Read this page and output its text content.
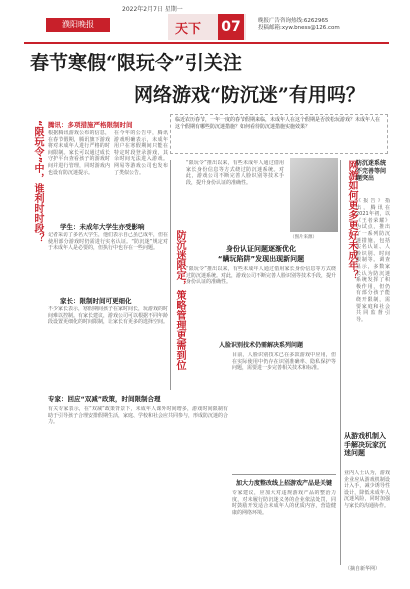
濮阳晚报
2022年2月7日 星期一
天下 07	晚报广告咨询热线:6262965
投稿邮箱:xyw.bness@126.com
春节寒假“限玩令”引关注
网络游戏“防沉迷”有用吗？
临近农历春节，一年一度的春节假期来临，未成年人在这个假期是否放松玩游戏？未成年人在这个假期有哪些防沉迷措施？如何看待防沉迷措施实施效果？
“限玩令”中，谁利时时段？ 腾讯：多项措施严格限制时间
根据腾讯游戏公布的信息，在春节假期，腾讯旗下游戏将对未成年人进行严格的时间限制。家长可以通过成长守护平台查看孩子的游戏时间并进行管理，同时游戏内也设有防沉迷提示。
在今年的公告中，腾讯游戏明确表示，未成年用户在寒假期间只能在特定时段登录游戏，其余时间无法进入游戏。网易等游戏公司也发布了类似公告。
学生：未成年大学生亦受影响
记者采访了多名大学生，他们表示自己虽已成年，但在使用部分游戏时仍需进行实名认证。“防沉迷”规定对于未成年人是必要的，但执行中也存在一些问题。
家长：限制时间可更细化
不少家长表示，寒假期间孩子在家时间长，玩游戏的时间难以控制。有家长建议，游戏公司可以根据不同年龄段设置更细化的时间限制，让家长有更多的选择空间。
专家：回应“双减”政策，时间限制合理
有关专家表示，在“双减”政策背景下，未成年人课外时间增多，游戏时间限制有助于引导孩子合理安排假期生活，家庭、学校和社会应共同参与，形成防沉迷的合力。
防沉迷限定，策略管理更需到位
“限玩令”推出以来，有些未成年人通过借用家长身份信息等方式绕过防沉迷系统。对此，游戏公司不断完善人脸识别等技术手段，提升身份认证的准确性。
（图片来源）
身份认证问题逐渐优化
“瞒玩陷阱”发现出现新问题
“限玩令”推出以来，有些未成年人通过借用家长身份信息等方式绕过防沉迷系统。对此，游戏公司不断完善人脸识别等技术手段，提升身份认证的准确性。
人脸识别技术仍需解决系列问题
目前，人脸识别技术已在多款游戏中应用，但在实际使用中仍存在识别准确率、隐私保护等问题，需要进一步完善相关技术和标准。
加大力度整改线上招游戏产品是关键
专家建议，应加大对违规游戏产品的整治力度，对未履行防沉迷义务的企业依法处罚，同时鼓励开发适合未成年人的优质内容，营造健康的网络环境。
网游如何更多更好未成年？ 防沉迷系统不完善等问题突出
《报告》指出，腾讯在2021年初，以《王者荣耀》为试点，推出了一系列防沉迷措施，包括实名认证、人脸识别、时间限制等。调查显示，多数家长认为防沉迷系统发挥了积极作用，但仍有部分孩子能绕开限制，需要家庭和社会共同监督引导。
从游戏机制入手解决玩家沉迷问题
业内人士认为，游戏企业应从游戏机制设计入手，减少诱导性设计，降低未成年人沉迷风险，同时加强与家长的沟通协作。
（摘自新华网）
